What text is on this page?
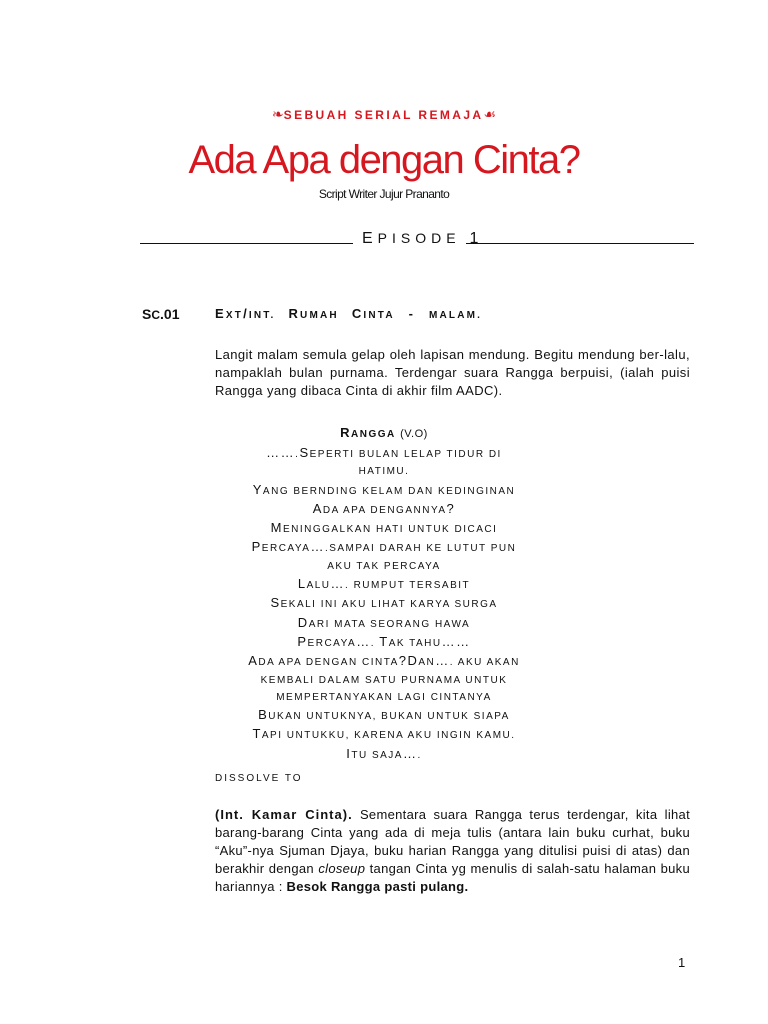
❧SEBUAH SERIAL REMAJA☙
Ada Apa dengan Cinta?
Script Writer Jujur Prananto
EPISODE 1
SC.01	EXT/INT. RUMAH CINTA - MALAM.
Langit malam semula gelap oleh lapisan mendung. Begitu mendung ber-lalu, nampaklah bulan purnama. Terdengar suara Rangga berpuisi, (ialah puisi Rangga yang dibaca Cinta di akhir film AADC).
RANGGA (V.O)
…….SEPERTI BULAN LELAP TIDUR DI
HATIMU.
YANG BERNDING KELAM DAN KEDINGINAN
ADA APA DENGANNYA?
MENINGGALKAN HATI UNTUK DICACI
PERCAYA….SAMPAI DARAH KE LUTUT PUN
AKU TAK PERCAYA
LALU…. RUMPUT TERSABIT
SEKALI INI AKU LIHAT KARYA SURGA
DARI MATA SEORANG HAWA
PERCAYA…. TAK TAHU……
ADA APA DENGAN CINTA?DAN…. AKU AKAN
KEMBALI DALAM SATU PURNAMA UNTUK
MEMPERTANYAKAN LAGI CINTANYA
BUKAN UNTUKNYA, BUKAN UNTUK SIAPA
TAPI UNTUKKU, KARENA AKU INGIN KAMU.
ITU SAJA….
DISSOLVE TO
(Int. Kamar Cinta). Sementara suara Rangga terus terdengar, kita lihat barang-barang Cinta yang ada di meja tulis (antara lain buku curhat, buku “Aku”-nya Sjuman Djaya, buku harian Rangga yang ditulisi puisi di atas) dan berakhir dengan closeup tangan Cinta yg menulis di salah-satu halaman buku hariannya : Besok Rangga pasti pulang.
1
